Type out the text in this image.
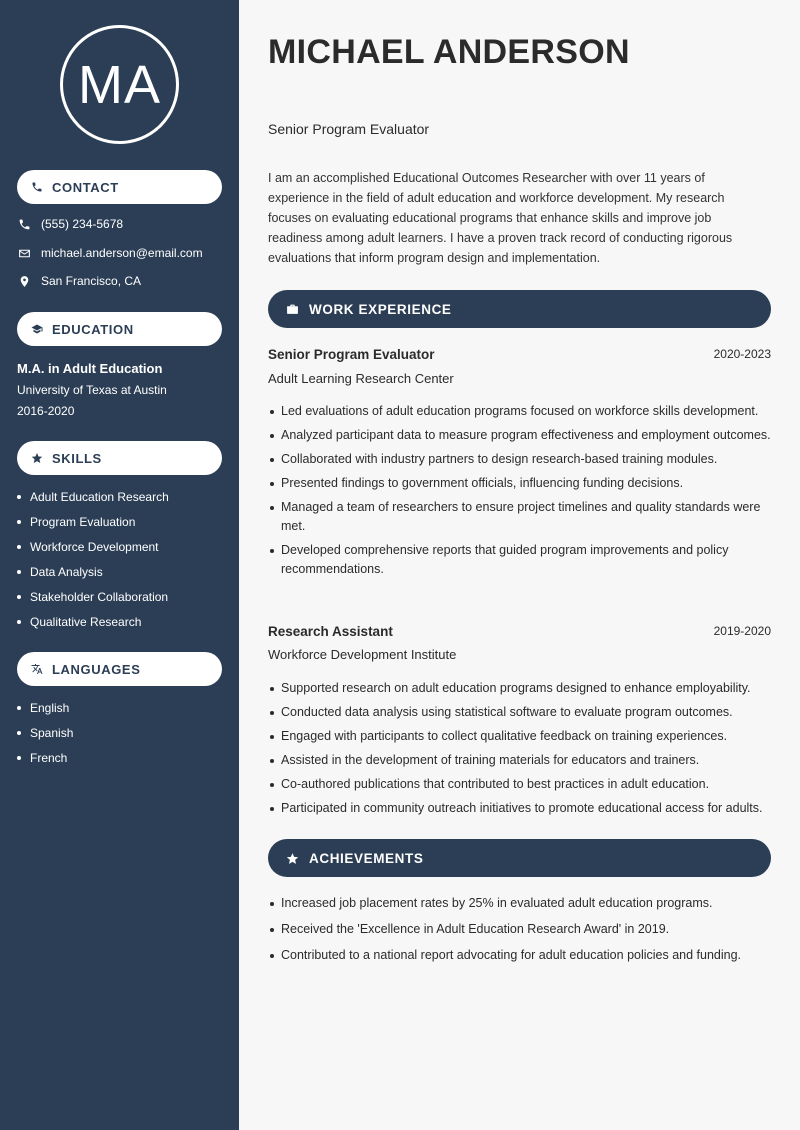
MA
CONTACT
(555) 234-5678
michael.anderson@email.com
San Francisco, CA
EDUCATION
M.A. in Adult Education
University of Texas at Austin
2016-2020
SKILLS
Adult Education Research
Program Evaluation
Workforce Development
Data Analysis
Stakeholder Collaboration
Qualitative Research
LANGUAGES
English
Spanish
French
MICHAEL ANDERSON
Senior Program Evaluator

I am an accomplished Educational Outcomes Researcher with over 11 years of experience in the field of adult education and workforce development. My research focuses on evaluating educational programs that enhance skills and improve job readiness among adult learners. I have a proven track record of conducting rigorous evaluations that inform program design and implementation.

WORK EXPERIENCE
Senior Program Evaluator	2020-2023
Adult Learning Research Center
Led evaluations of adult education programs focused on workforce skills development.
Analyzed participant data to measure program effectiveness and employment outcomes.
Collaborated with industry partners to design research-based training modules.
Presented findings to government officials, influencing funding decisions.
Managed a team of researchers to ensure project timelines and quality standards were met.
Developed comprehensive reports that guided program improvements and policy recommendations.
Research Assistant	2019-2020
Workforce Development Institute
Supported research on adult education programs designed to enhance employability.
Conducted data analysis using statistical software to evaluate program outcomes.
Engaged with participants to collect qualitative feedback on training experiences.
Assisted in the development of training materials for educators and trainers.
Co-authored publications that contributed to best practices in adult education.
Participated in community outreach initiatives to promote educational access for adults.
ACHIEVEMENTS
Increased job placement rates by 25% in evaluated adult education programs.
Received the 'Excellence in Adult Education Research Award' in 2019.
Contributed to a national report advocating for adult education policies and funding.
